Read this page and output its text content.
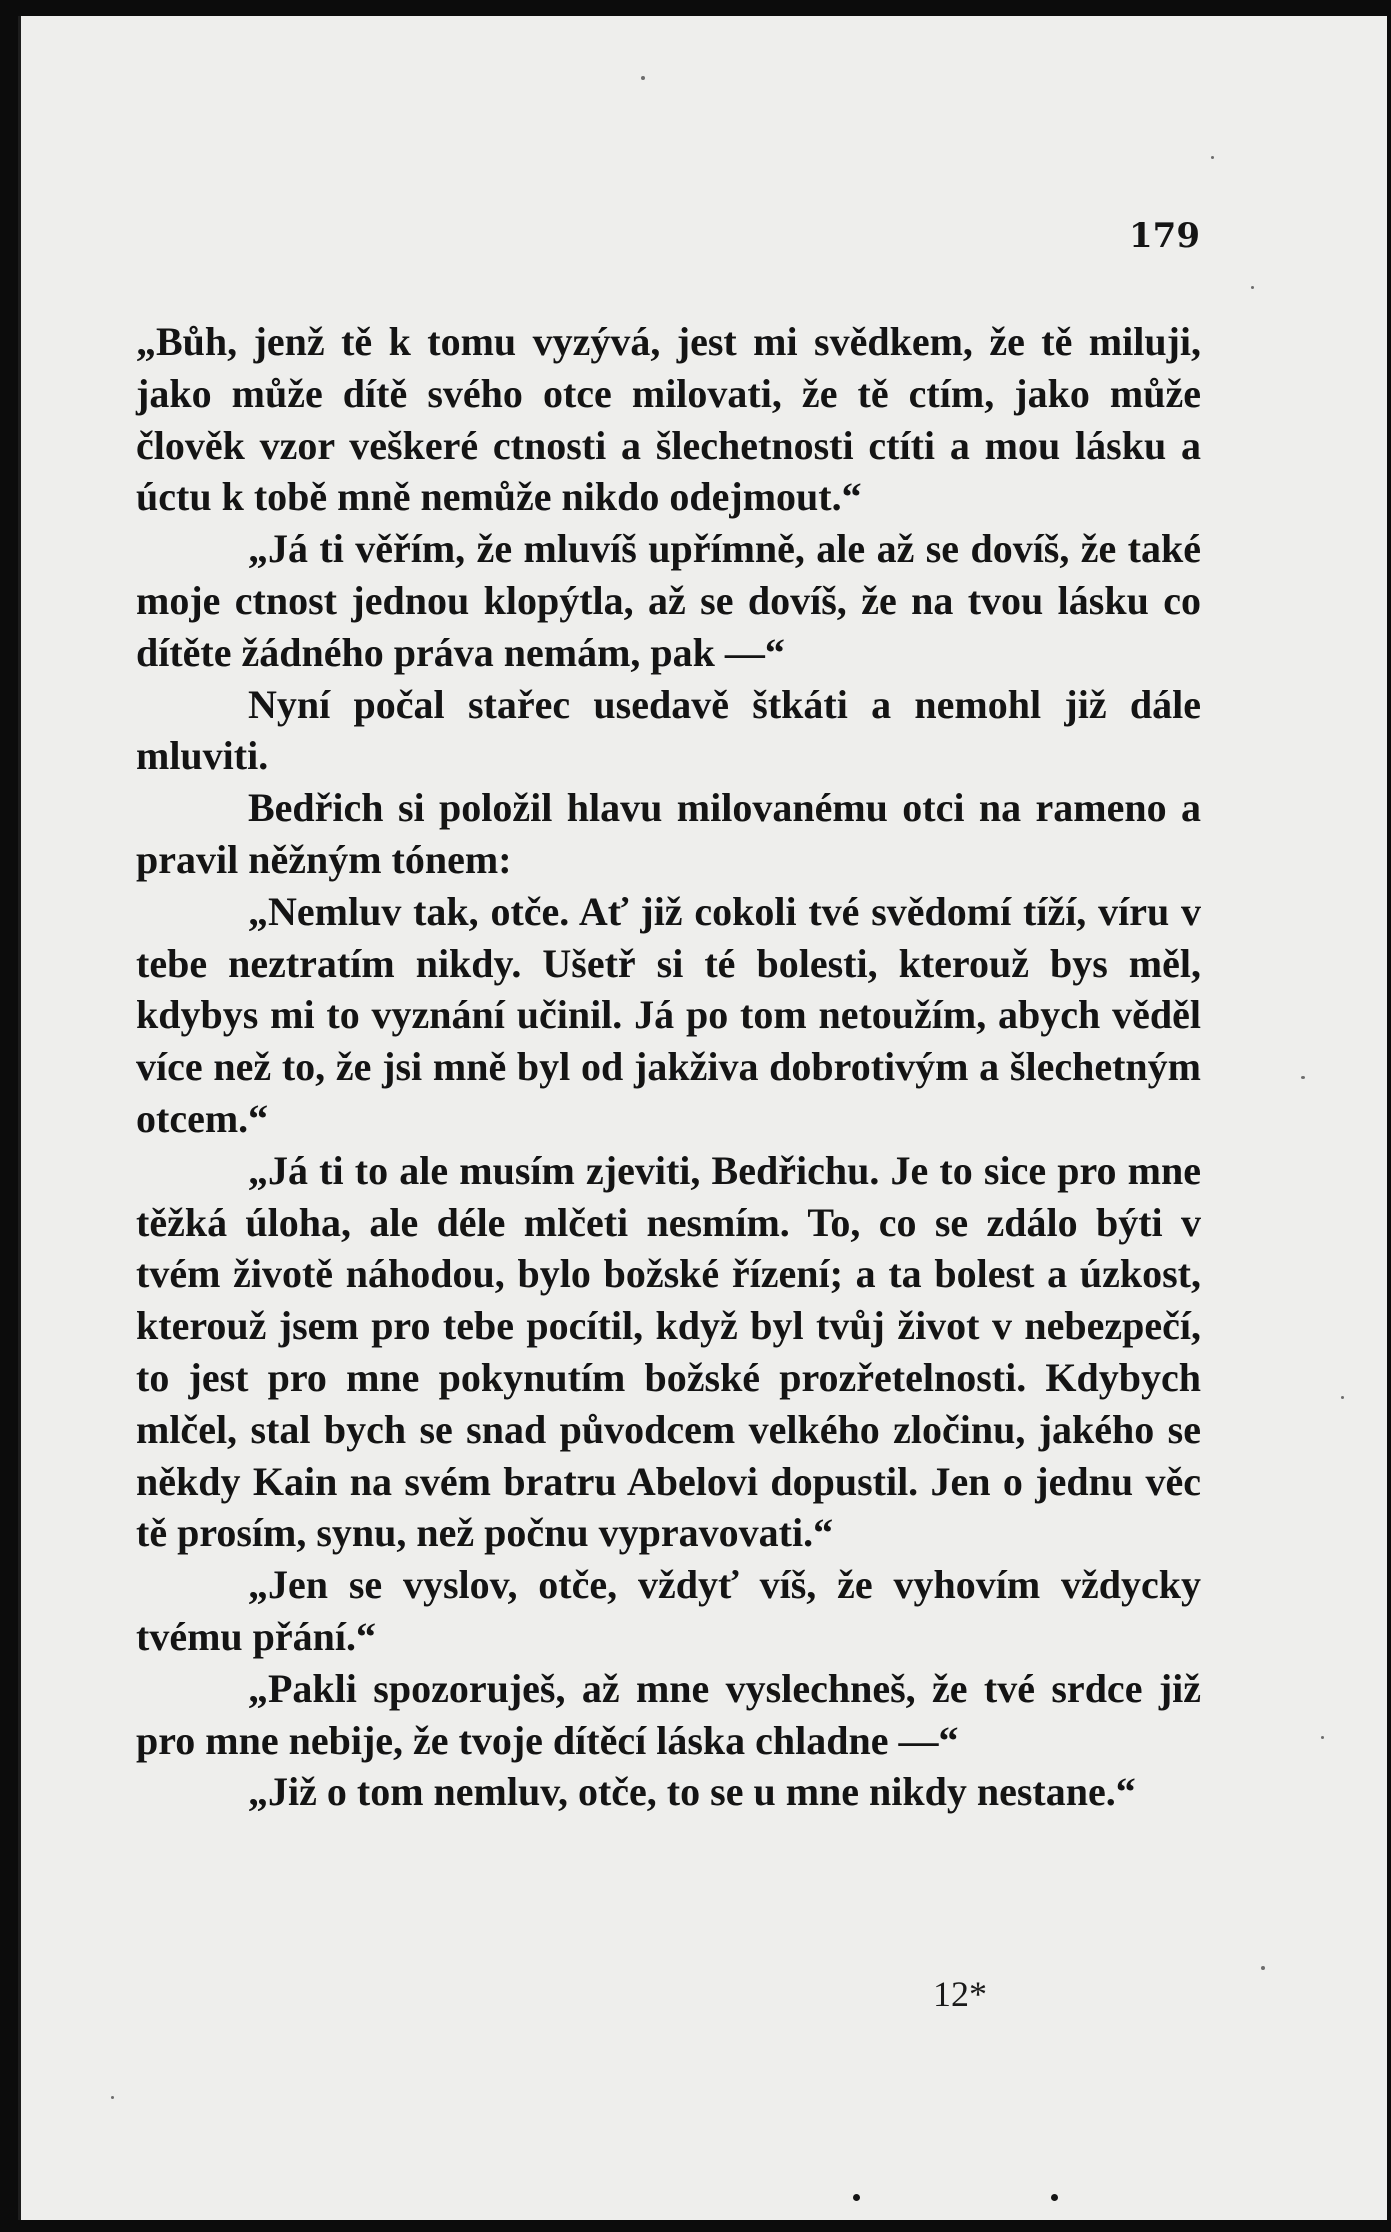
179

„Bůh, jenž tě k tomu vyzývá, jest mi svědkem, že tě miluji, jako může dítě svého otce milovati, že tě ctím, jako může člověk vzor veškeré ctnosti a šlechetnosti ctíti a mou lásku a úctu k tobě mně nemůže nikdo odejmout.“

„Já ti věřím, že mluvíš upřímně, ale až se dovíš, že také moje ctnost jednou klopýtla, až se dovíš, že na tvou lásku co dítěte žádného práva nemám, pak —“

Nyní počal stařec usedavě štkáti a nemohl již dále mluviti.

Bedřich si položil hlavu milovanému otci na rameno a pravil něžným tónem:

„Nemluv tak, otče. Ať již cokoli tvé svědomí tíží, víru v tebe neztratím nikdy. Ušetř si té bolesti, kterouž bys měl, kdybys mi to vyznání učinil. Já po tom netoužím, abych věděl více než to, že jsi mně byl od jakživa dobrotivým a šlechetným otcem.“

„Já ti to ale musím zjeviti, Bedřichu. Je to sice pro mne těžká úloha, ale déle mlčeti nesmím. To, co se zdálo býti v tvém životě náhodou, bylo božské řízení; a ta bolest a úzkost, kterouž jsem pro tebe pocítil, když byl tvůj život v nebezpečí, to jest pro mne pokynutím božské prozřetelnosti. Kdybych mlčel, stal bych se snad původcem velkého zločinu, jakého se někdy Kain na svém bratru Abelovi dopustil. Jen o jednu věc tě prosím, synu, než počnu vypravovati.“

„Jen se vyslov, otče, vždyť víš, že vyhovím vždycky tvému přání.“

„Pakli spozoruješ, až mne vyslechneš, že tvé srdce již pro mne nebije, že tvoje dítěcí láska chladne —“

„Již o tom nemluv, otče, to se u mne nikdy nestane.“

12*
